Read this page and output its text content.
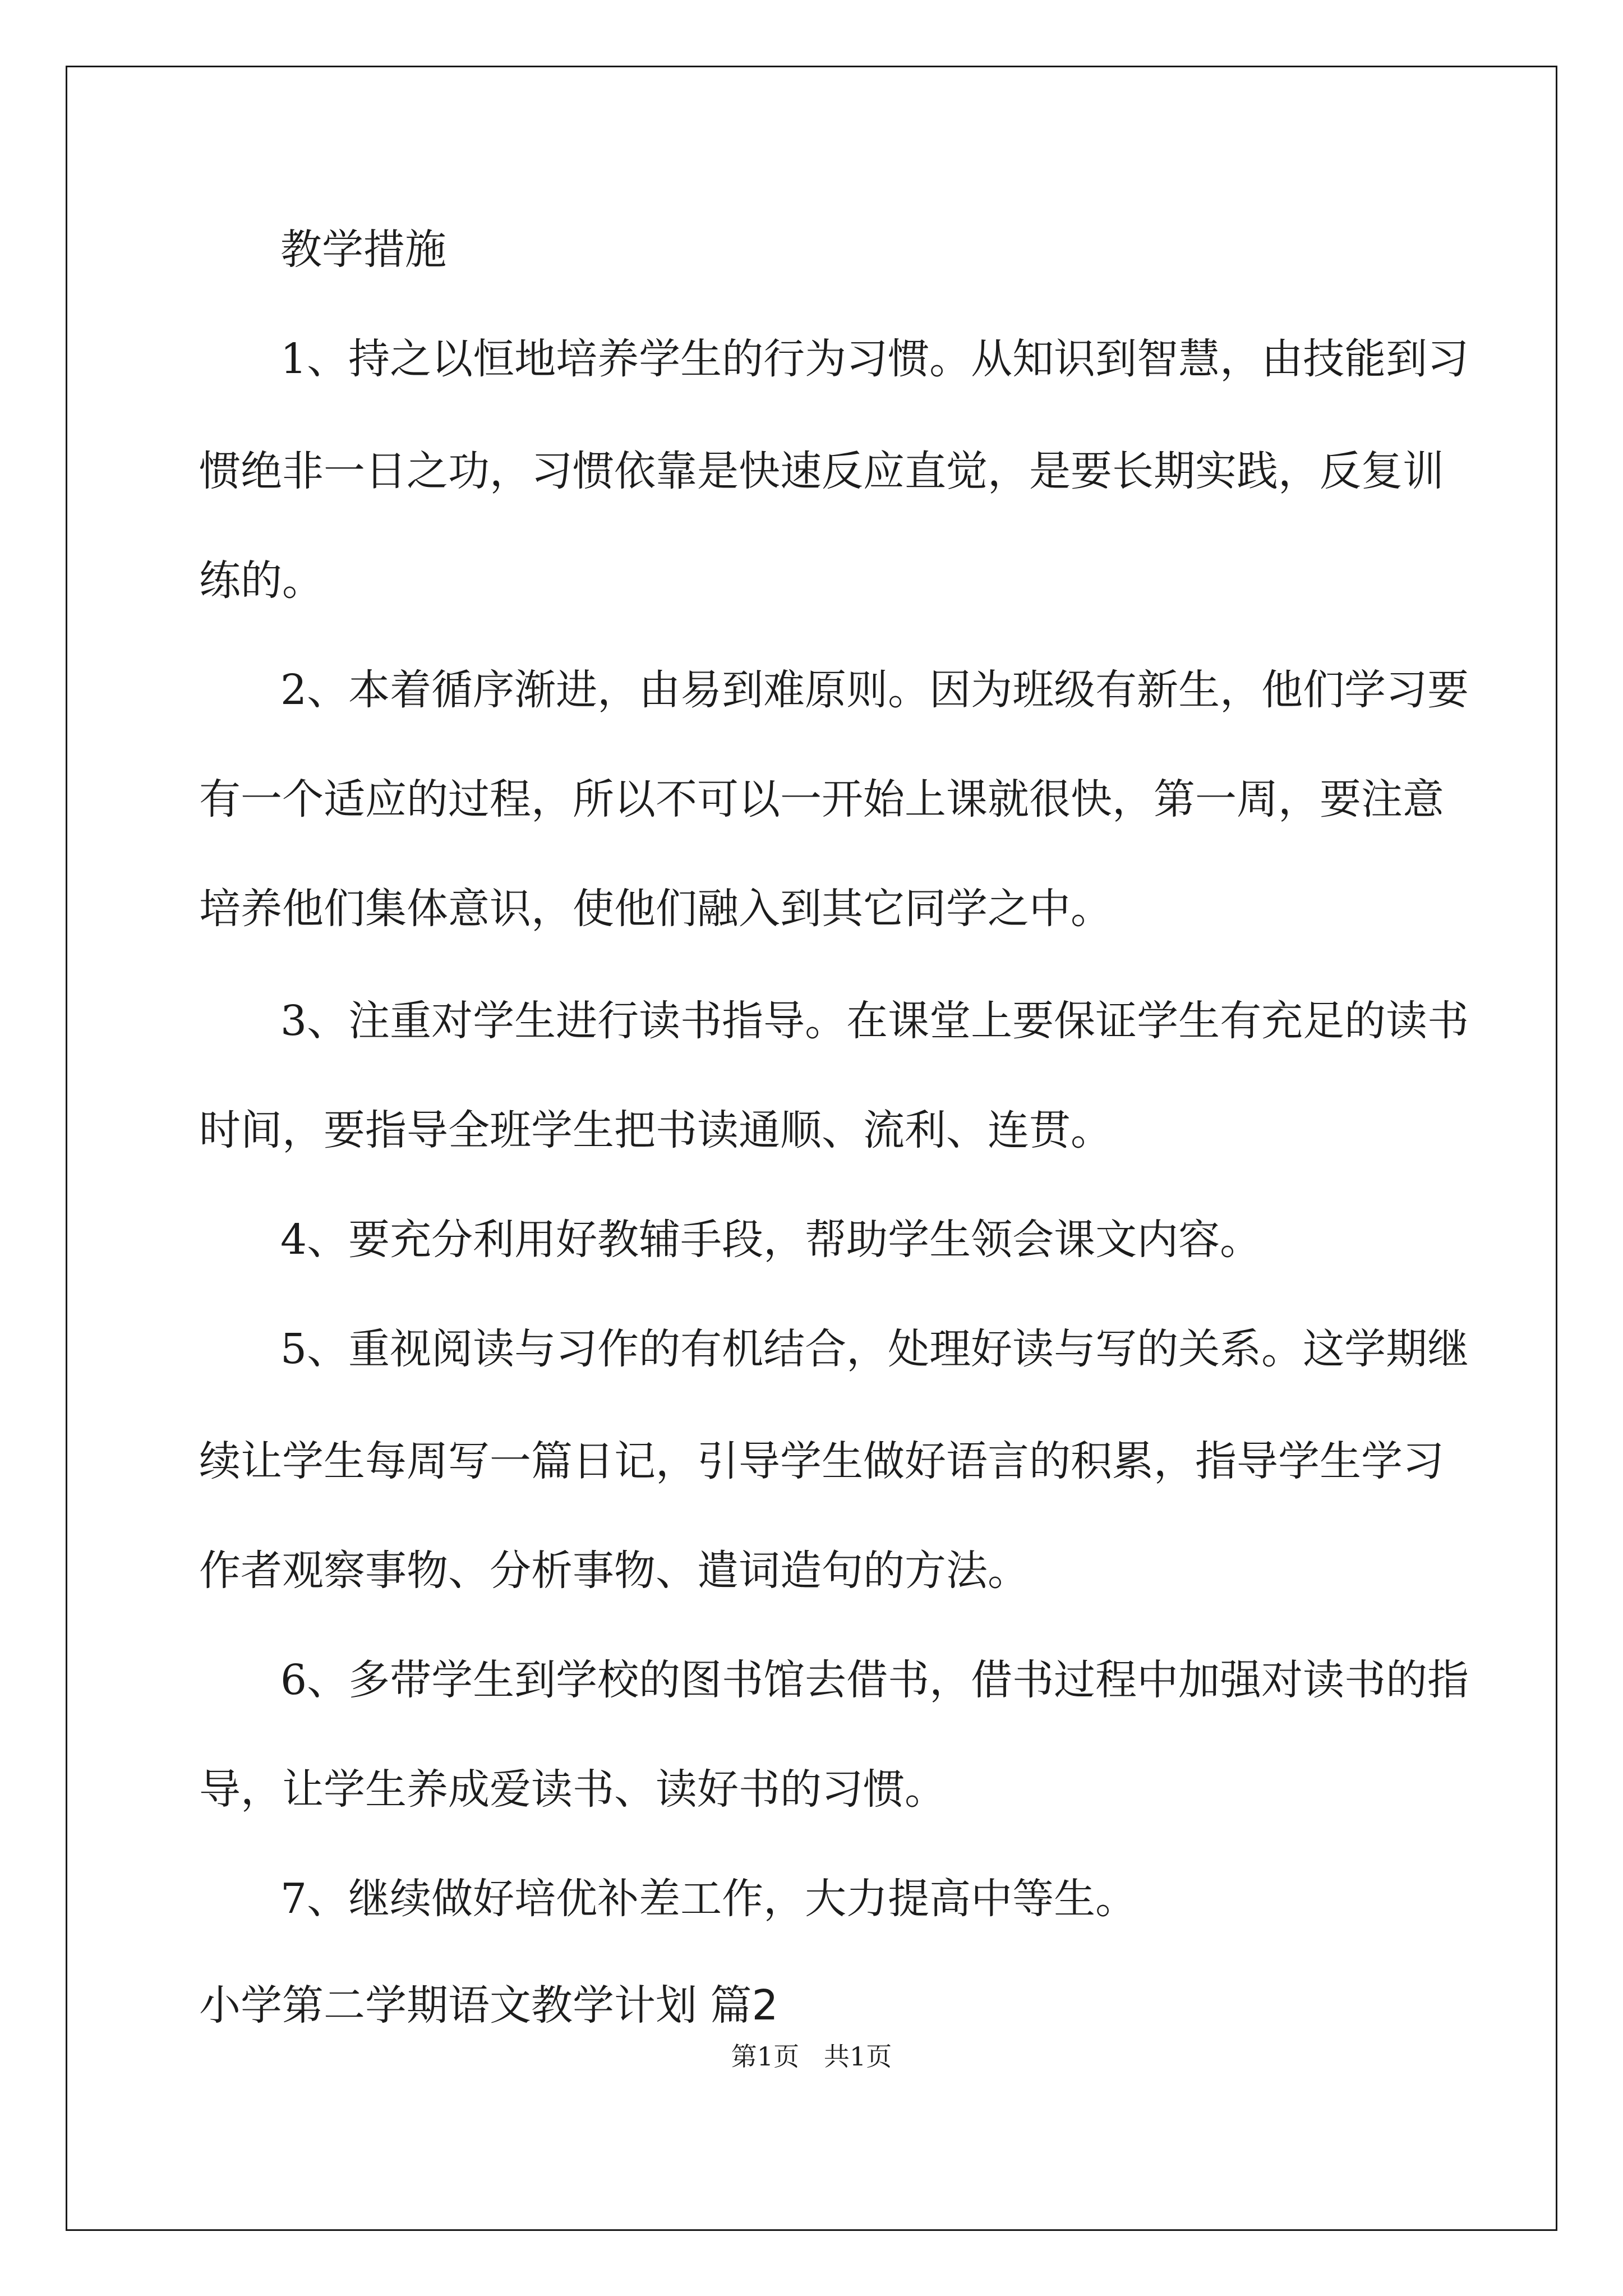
教学措施
1、持之以恒地培养学生的行为习惯。从知识到智慧，由技能到习
惯绝非一日之功，习惯依靠是快速反应直觉，是要长期实践，反复训
练的。
2、本着循序渐进，由易到难原则。因为班级有新生，他们学习要
有一个适应的过程，所以不可以一开始上课就很快，第一周，要注意
培养他们集体意识，使他们融入到其它同学之中。
3、注重对学生进行读书指导。在课堂上要保证学生有充足的读书
时间，要指导全班学生把书读通顺、流利、连贯。
4、要充分利用好教辅手段，帮助学生领会课文内容。
5、重视阅读与习作的有机结合，处理好读与写的关系。这学期继
续让学生每周写一篇日记，引导学生做好语言的积累，指导学生学习
作者观察事物、分析事物、遣词造句的方法。
6、多带学生到学校的图书馆去借书，借书过程中加强对读书的指
导，让学生养成爱读书、读好书的习惯。
7、继续做好培优补差工作，大力提高中等生。
小学第二学期语文教学计划 篇2
第1页   共1页
